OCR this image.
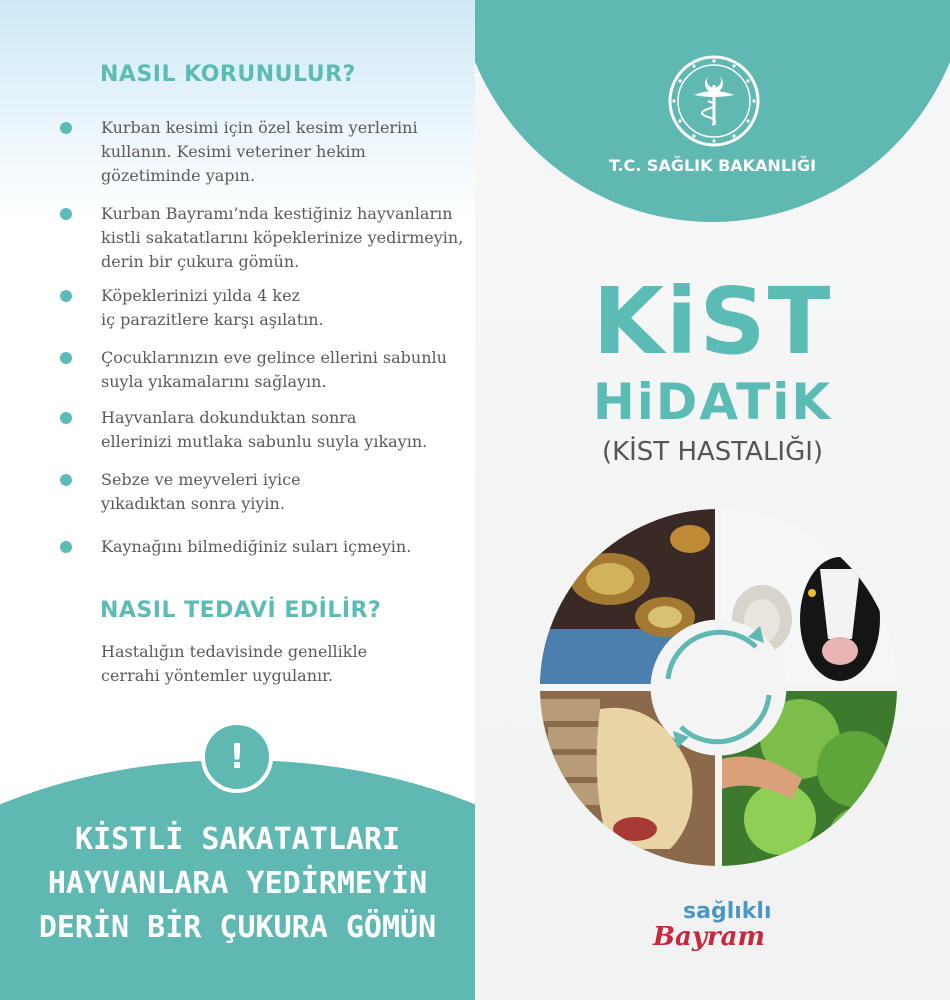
NASIL KORUNULUR?
Kurban kesimi için özel kesim yerlerini
kullanın. Kesimi veteriner hekim
gözetiminde yapın.
Kurban Bayramı’nda kestiğiniz hayvanların
kistli sakatatlarını köpeklerinize yedirmeyin,
derin bir çukura gömün.
Köpeklerinizi yılda 4 kez
iç parazitlere karşı aşılatın.
Çocuklarınızın eve gelince ellerini sabunlu
suyla yıkamalarını sağlayın.
Hayvanlara dokunduktan sonra
ellerinizi mutlaka sabunlu suyla yıkayın.
Sebze ve meyveleri iyice
yıkadıktan sonra yiyin.
Kaynağını bilmediğiniz suları içmeyin.
NASIL TEDAVİ EDİLİR?
Hastalığın tedavisinde genellikle
cerrahi yöntemler uygulanır.
!
KİSTLİ SAKATATLARI
HAYVANLARA YEDİRMEYİN
DERİN BİR ÇUKURA GÖMÜN
T.C. SAĞLIK BAKANLIĞI
KiST
HiDATiK
(KİST HASTALIĞI)
sağlıklı
Bayram
